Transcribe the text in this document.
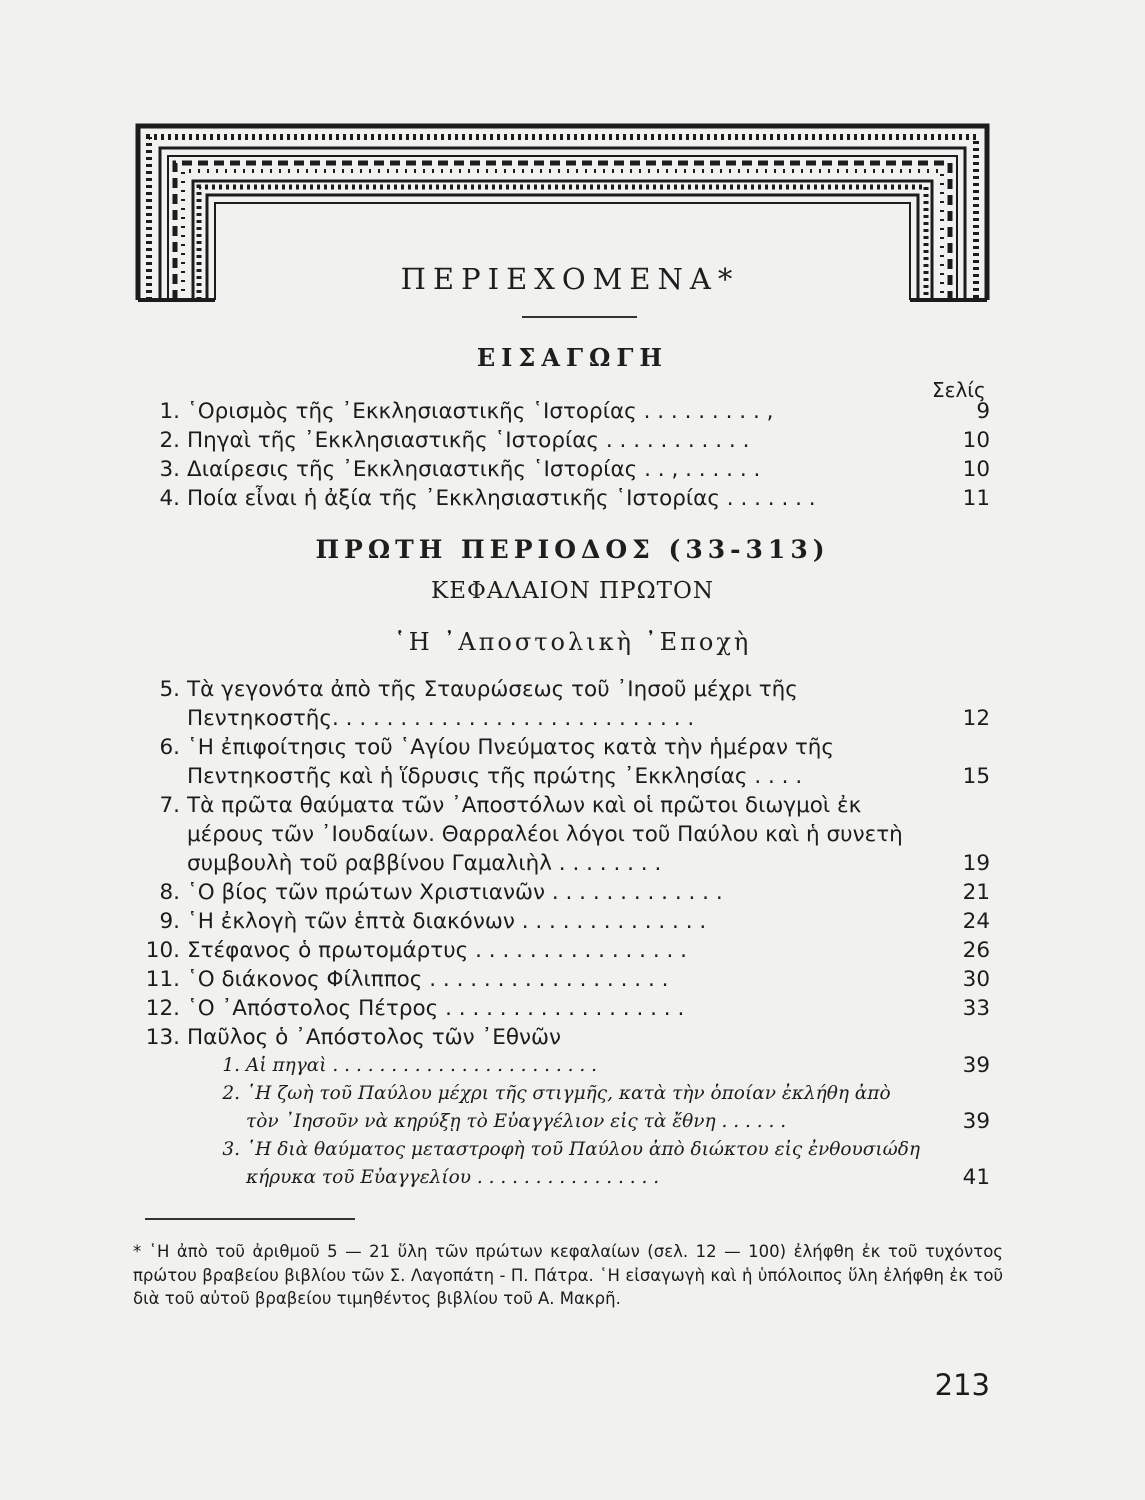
ΠΕΡΙΕΧΟΜΕΝΑ*
ΕΙΣΑΓΩΓΗ
Σελίς
1. ῾Ορισμὸς τῆς ᾿Εκκλησιαστικῆς ῾Ιστορίας . . . . . . . . . ,	9
2. Πηγαὶ τῆς ᾿Εκκλησιαστικῆς ῾Ιστορίας . . . . . . . . . . .	10
3. Διαίρεσις τῆς ᾿Εκκλησιαστικῆς ῾Ιστορίας . . , . . . . . .	10
4. Ποία εἶναι ἡ ἀξία τῆς ᾿Εκκλησιαστικῆς ῾Ιστορίας . . . . . . .	11
ΠΡΩΤΗ ΠΕΡΙΟΔΟΣ (33-313)
ΚΕΦΑΛΑΙΟΝ ΠΡΩΤΟΝ
῾Η ᾿Αποστολικὴ ᾿Εποχὴ
5. Τὰ γεγονότα ἀπὸ τῆς Σταυρώσεως τοῦ ᾿Ιησοῦ μέχρι τῆς Πεντηκοστῆς. . . . . . . . . . . . . . . . . . . . . . . . . . .	12
6. ῾Η ἐπιφοίτησις τοῦ ῾Αγίου Πνεύματος κατὰ τὴν ἡμέραν τῆς Πεντηκοστῆς καὶ ἡ ἵδρυσις τῆς πρώτης ᾿Εκκλησίας . . . .	15
7. Τὰ πρῶτα θαύματα τῶν ᾿Αποστόλων καὶ οἱ πρῶτοι διωγμοὶ ἐκ μέρους τῶν ᾿Ιουδαίων. Θαρραλέοι λόγοι τοῦ Παύλου καὶ ἡ συνετὴ συμβουλὴ τοῦ ραββίνου Γαμαλιὴλ . . . . . . . .	19
8. ῾Ο βίος τῶν πρώτων Χριστιανῶν . . . . . . . . . . . . .	21
9. ῾Η ἐκλογὴ τῶν ἑπτὰ διακόνων . . . . . . . . . . . . . .	24
10. Στέφανος ὁ πρωτομάρτυς . . . . . . . . . . . . . . . .	26
11. ῾Ο διάκονος Φίλιππος . . . . . . . . . . . . . . . . . .	30
12. ῾Ο ᾿Απόστολος Πέτρος . . . . . . . . . . . . . . . . . .	33
13. Παῦλος ὁ ᾿Απόστολος τῶν ᾿Εθνῶν
1. Αἱ πηγαὶ . . . . . . . . . . . . . . . . . . . . . . .	39
2. ῾Η ζωὴ τοῦ Παύλου μέχρι τῆς στιγμῆς, κατὰ τὴν ὁποίαν ἐκλήθη ἀπὸ τὸν ᾿Ιησοῦν νὰ κηρύξῃ τὸ Εὐαγγέλιον εἰς τὰ ἔθνη . . . . . .	39
3. ῾Η διὰ θαύματος μεταστροφὴ τοῦ Παύλου ἀπὸ διώκτου εἰς ἐνθουσιώδη κήρυκα τοῦ Εὐαγγελίου . . . . . . . . . . . . . . . .	41
* ῾Η ἀπὸ τοῦ ἀριθμοῦ 5 — 21 ὕλη τῶν πρώτων κεφαλαίων (σελ. 12 — 100) ἐλήφθη ἐκ τοῦ τυχόντος πρώτου βραβείου βιβλίου τῶν Σ. Λαγοπάτη - Π. Πάτρα. ῾Η εἰσαγωγὴ καὶ ἡ ὑπόλοιπος ὕλη ἐλήφθη ἐκ τοῦ διὰ τοῦ αὐτοῦ βραβείου τιμηθέντος βιβλίου τοῦ Α. Μακρῆ.
213
